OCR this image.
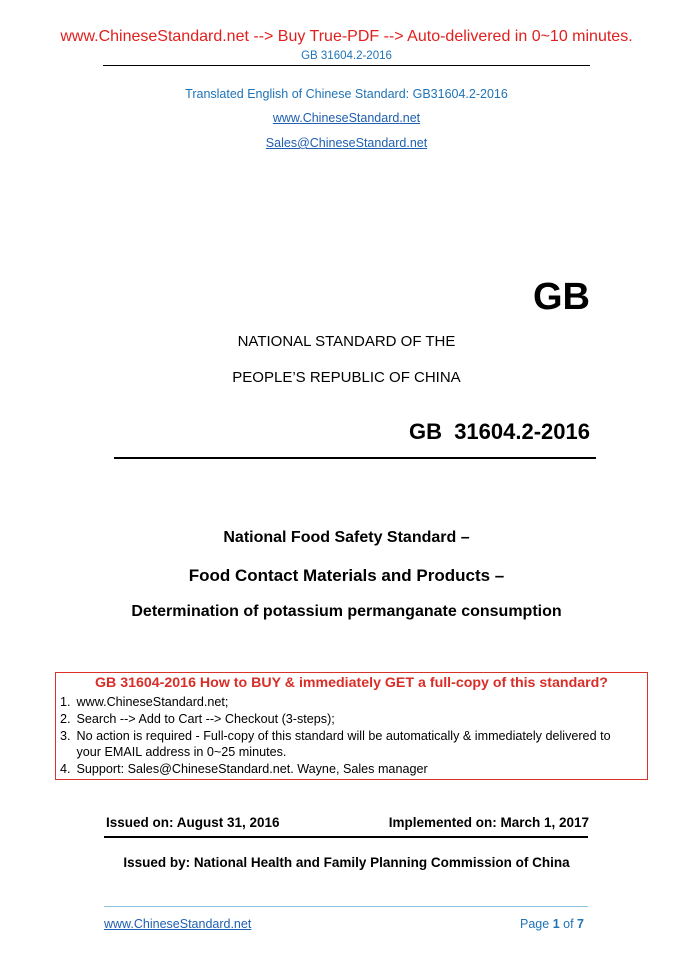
www.ChineseStandard.net --> Buy True-PDF --> Auto-delivered in 0~10 minutes.
GB 31604.2-2016
Translated English of Chinese Standard: GB31604.2-2016
www.ChineseStandard.net
Sales@ChineseStandard.net
GB
NATIONAL STANDARD OF THE
PEOPLE’S REPUBLIC OF CHINA
GB  31604.2-2016
National Food Safety Standard –
Food Contact Materials and Products –
Determination of potassium permanganate consumption
GB 31604-2016 How to BUY & immediately GET a full-copy of this standard?
1. www.ChineseStandard.net;
2. Search --> Add to Cart --> Checkout (3-steps);
3. No action is required - Full-copy of this standard will be automatically & immediately delivered to
your EMAIL address in 0~25 minutes.
4. Support: Sales@ChineseStandard.net. Wayne, Sales manager
Issued on: August 31, 2016	Implemented on: March 1, 2017
Issued by: National Health and Family Planning Commission of China
www.ChineseStandard.net	Page 1 of 7
